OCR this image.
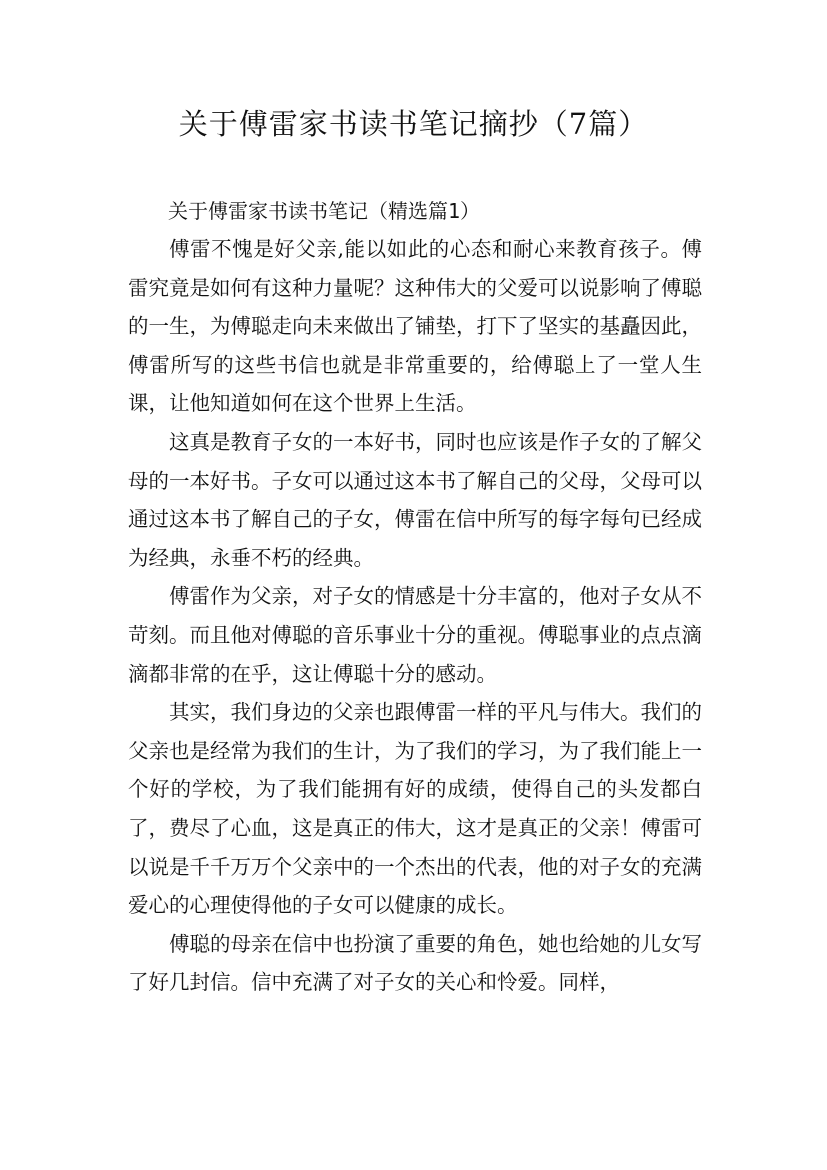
关于傅雷家书读书笔记摘抄（7篇）

关于傅雷家书读书笔记（精选篇1）

傅雷不愧是好父亲,能以如此的心态和耐心来教育孩子。傅雷究竟是如何有这种力量呢？这种伟大的父爱可以说影响了傅聪的一生，为傅聪走向未来做出了铺垫，打下了坚实的基矗因此，傅雷所写的这些书信也就是非常重要的，给傅聪上了一堂人生课，让他知道如何在这个世界上生活。

这真是教育子女的一本好书，同时也应该是作子女的了解父母的一本好书。子女可以通过这本书了解自己的父母，父母可以通过这本书了解自己的子女，傅雷在信中所写的每字每句已经成为经典，永垂不朽的经典。

傅雷作为父亲，对子女的情感是十分丰富的，他对子女从不苛刻。而且他对傅聪的音乐事业十分的重视。傅聪事业的点点滴滴都非常的在乎，这让傅聪十分的感动。

其实，我们身边的父亲也跟傅雷一样的平凡与伟大。我们的父亲也是经常为我们的生计，为了我们的学习，为了我们能上一个好的学校，为了我们能拥有好的成绩，使得自己的头发都白了，费尽了心血，这是真正的伟大，这才是真正的父亲！傅雷可以说是千千万万个父亲中的一个杰出的代表，他的对子女的充满爱心的心理使得他的子女可以健康的成长。

傅聪的母亲在信中也扮演了重要的角色，她也给她的儿女写了好几封信。信中充满了对子女的关心和怜爱。同样，
